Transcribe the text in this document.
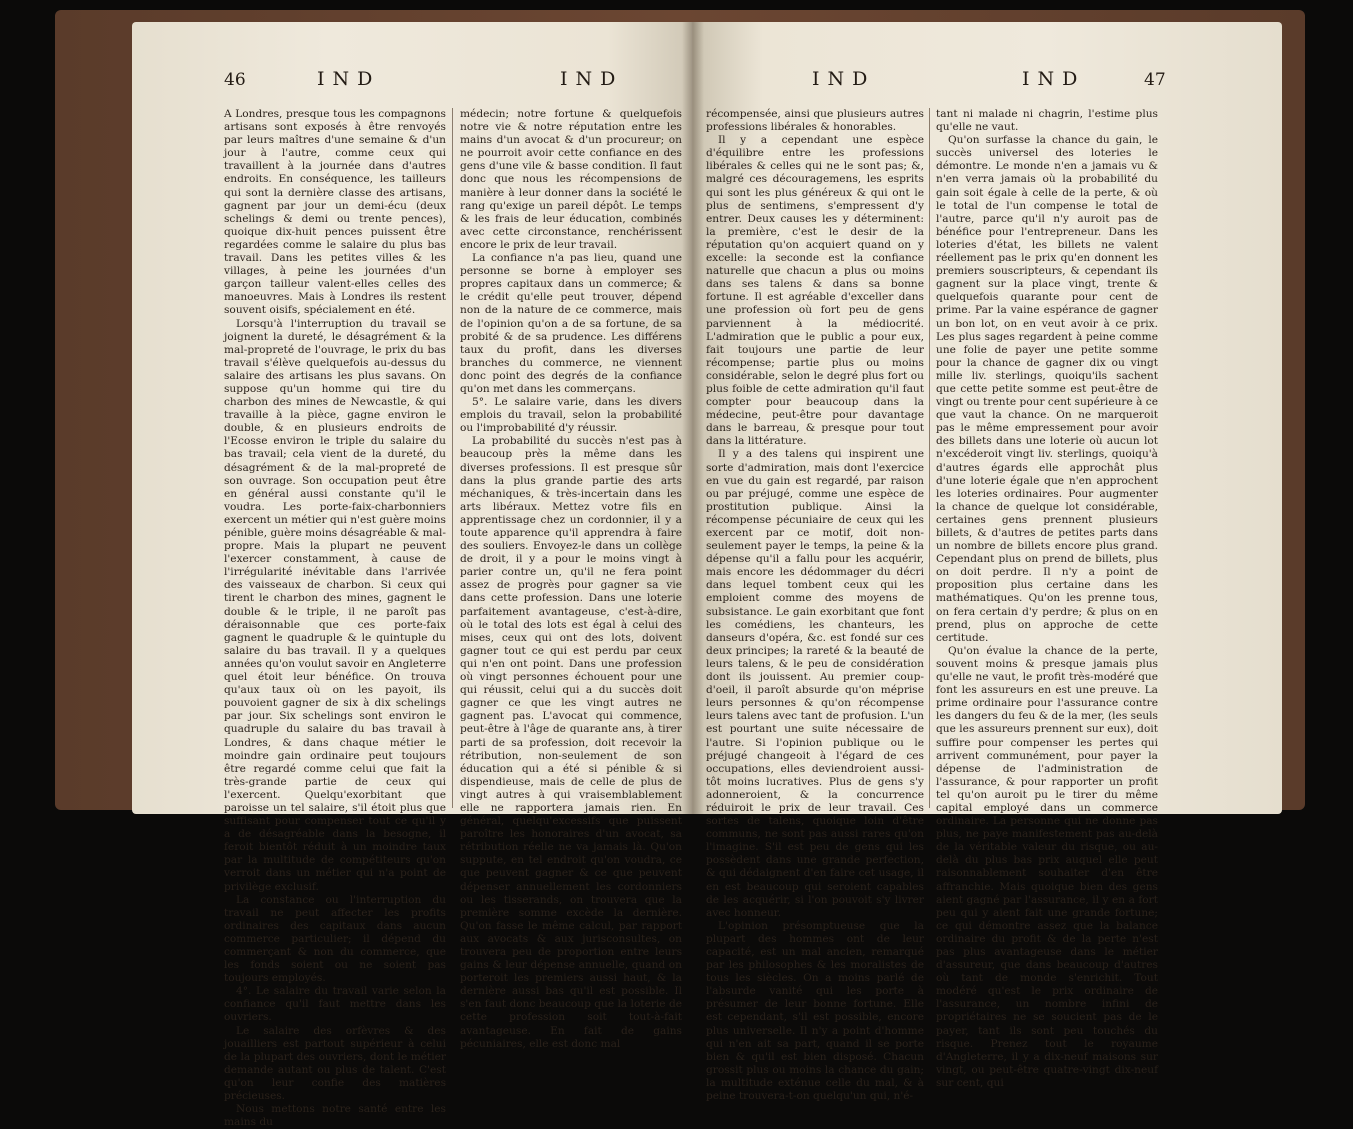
46	IND	IND

A Londres, presque tous les compagnons artisans sont exposés à être renvoyés par leurs maîtres d'une semaine & d'un jour à l'autre, comme ceux qui travaillent à la journée dans d'autres endroits. En conséquence, les tailleurs qui sont la dernière classe des artisans, gagnent par jour un demi-écu (deux schelings & demi ou trente pences), quoique dix-huit pences puissent être regardées comme le salaire du plus bas travail. Dans les petites villes & les villages, à peine les journées d'un garçon tailleur valent-elles celles des manoeuvres. Mais à Londres ils restent souvent oisifs, spécialement en été.

Lorsqu'à l'interruption du travail se joignent la dureté, le désagrément & la mal-propreté de l'ouvrage, le prix du bas travail s'élève quelquefois au-dessus du salaire des artisans les plus savans. On suppose qu'un homme qui tire du charbon des mines de Newcastle, & qui travaille à la pièce, gagne environ le double, & en plusieurs endroits de l'Ecosse environ le triple du salaire du bas travail; cela vient de la dureté, du désagrément & de la mal-propreté de son ouvrage. Son occupation peut être en général aussi constante qu'il le voudra. Les porte-faix-charbonniers exercent un métier qui n'est guère moins pénible, guère moins désagréable & mal-propre. Mais la plupart ne peuvent l'exercer constamment, à cause de l'irrégularité inévitable dans l'arrivée des vaisseaux de charbon. Si ceux qui tirent le charbon des mines, gagnent le double & le triple, il ne paroît pas déraisonnable que ces porte-faix gagnent le quadruple & le quintuple du salaire du bas travail. Il y a quelques années qu'on voulut savoir en Angleterre quel étoit leur bénéfice. On trouva qu'aux taux où on les payoit, ils pouvoient gagner de six à dix schelings par jour. Six schelings sont environ le quadruple du salaire du bas travail à Londres, & dans chaque métier le moindre gain ordinaire peut toujours être regardé comme celui que fait la très-grande partie de ceux qui l'exercent. Quelqu'exorbitant que paroisse un tel salaire, s'il étoit plus que suffisant pour compenser tout ce qu'il y a de désagréable dans la besogne, il feroit bientôt réduit à un moindre taux par la multitude de compétiteurs qu'on verroit dans un métier qui n'a point de privilège exclusif.

La constance ou l'interruption du travail ne peut affecter les profits ordinaires des capitaux dans aucun commerce particulier; il dépend du commerçant & non du commerce, que les fonds soient ou ne soient pas toujours employés.

4°. Le salaire du travail varie selon la confiance qu'il faut mettre dans les ouvriers.

Le salaire des orfèvres & des jouailliers est partout supérieur à celui de la plupart des ouvriers, dont le métier demande autant ou plus de talent. C'est qu'on leur confie des matières précieuses.

Nous mettons notre santé entre les mains du

médecin; notre fortune & quelquefois notre vie & notre réputation entre les mains d'un avocat & d'un procureur; on ne pourroit avoir cette confiance en des gens d'une vile & basse condition. Il faut donc que nous les récompensions de manière à leur donner dans la société le rang qu'exige un pareil dépôt. Le temps & les frais de leur éducation, combinés avec cette circonstance, renchérissent encore le prix de leur travail.

La confiance n'a pas lieu, quand une personne se borne à employer ses propres capitaux dans un commerce; & le crédit qu'elle peut trouver, dépend non de la nature de ce commerce, mais de l'opinion qu'on a de sa fortune, de sa probité & de sa prudence. Les différens taux du profit, dans les diverses branches du commerce, ne viennent donc point des degrés de la confiance qu'on met dans les commerçans.

5°. Le salaire varie, dans les divers emplois du travail, selon la probabilité ou l'improbabilité d'y réussir.

La probabilité du succès n'est pas à beaucoup près la même dans les diverses professions. Il est presque sûr dans la plus grande partie des arts méchaniques, & très-incertain dans les arts libéraux. Mettez votre fils en apprentissage chez un cordonnier, il y a toute apparence qu'il apprendra à faire des souliers. Envoyez-le dans un collège de droit, il y a pour le moins vingt à parier contre un, qu'il ne fera point assez de progrès pour gagner sa vie dans cette profession. Dans une loterie parfaitement avantageuse, c'est-à-dire, où le total des lots est égal à celui des mises, ceux qui ont des lots, doivent gagner tout ce qui est perdu par ceux qui n'en ont point. Dans une profession où vingt personnes échouent pour une qui réussit, celui qui a du succès doit gagner ce que les vingt autres ne gagnent pas. L'avocat qui commence, peut-être à l'âge de quarante ans, à tirer parti de sa profession, doit recevoir la rétribution, non-seulement de son éducation qui a été si pénible & si dispendieuse, mais de celle de plus de vingt autres à qui vraisemblablement elle ne rapportera jamais rien. En général, quelqu'excessifs que puissent paroître les honoraires d'un avocat, sa rétribution réelle ne va jamais là. Qu'on suppute, en tel endroit qu'on voudra, ce que peuvent gagner & ce que peuvent dépenser annuellement les cordonniers ou les tisserands, on trouvera que la première somme excède la dernière. Qu'on fasse le même calcul, par rapport aux avocats & aux jurisconsultes, on trouvera peu de proportion entre leurs gains & leur dépense annuelle, quand on porteroit les premiers aussi haut, & la dernière aussi bas qu'il est possible. Il s'en faut donc beaucoup que la loterie de cette profession soit tout-à-fait avantageuse. En fait de gains pécuniaires, elle est donc mal

IND	IND	47

récompensée, ainsi que plusieurs autres professions libérales & honorables.

Il y a cependant une espèce d'équilibre entre les professions libérales & celles qui ne le sont pas; &, malgré ces découragemens, les esprits qui sont les plus généreux & qui ont le plus de sentimens, s'empressent d'y entrer. Deux causes les y déterminent: la première, c'est le desir de la réputation qu'on acquiert quand on y excelle: la seconde est la confiance naturelle que chacun a plus ou moins dans ses talens & dans sa bonne fortune. Il est agréable d'exceller dans une profession où fort peu de gens parviennent à la médiocrité. L'admiration que le public a pour eux, fait toujours une partie de leur récompense; partie plus ou moins considérable, selon le degré plus fort ou plus foible de cette admiration qu'il faut compter pour beaucoup dans la médecine, peut-être pour davantage dans le barreau, & presque pour tout dans la littérature.

Il y a des talens qui inspirent une sorte d'admiration, mais dont l'exercice en vue du gain est regardé, par raison ou par préjugé, comme une espèce de prostitution publique. Ainsi la récompense pécuniaire de ceux qui les exercent par ce motif, doit non-seulement payer le temps, la peine & la dépense qu'il a fallu pour les acquérir, mais encore les dédommager du décri dans lequel tombent ceux qui les emploient comme des moyens de subsistance. Le gain exorbitant que font les comédiens, les chanteurs, les danseurs d'opéra, &c. est fondé sur ces deux principes; la rareté & la beauté de leurs talens, & le peu de considération dont ils jouissent. Au premier coup-d'oeil, il paroît absurde qu'on méprise leurs personnes & qu'on récompense leurs talens avec tant de profusion. L'un est pourtant une suite nécessaire de l'autre. Si l'opinion publique ou le préjugé changeoit à l'égard de ces occupations, elles deviendroient aussi-tôt moins lucratives. Plus de gens s'y adonneroient, & la concurrence réduiroit le prix de leur travail. Ces sortes de talens, quoique loin d'être communs, ne sont pas aussi rares qu'on l'imagine. S'il est peu de gens qui les possèdent dans une grande perfection, & qui dédaignent d'en faire cet usage, il en est beaucoup qui seroient capables de les acquérir, si l'on pouvoit s'y livrer avec honneur.

L'opinion présomptueuse que la plupart des hommes ont de leur capacité, est un mal ancien, remarqué par les philosophes & les moralistes de tous les siècles. On a moins parlé de l'absurde vanité qui les porte à présumer de leur bonne fortune. Elle est cependant, s'il est possible, encore plus universelle. Il n'y a point d'homme qui n'en ait sa part, quand il se porte bien & qu'il est bien disposé. Chacun grossit plus ou moins la chance du gain; la multitude exténue celle du mal, & à peine trouvera-t-on quelqu'un qui, n'é-

tant ni malade ni chagrin, l'estime plus qu'elle ne vaut.

Qu'on surfasse la chance du gain, le succès universel des loteries le démontre. Le monde n'en a jamais vu & n'en verra jamais où la probabilité du gain soit égale à celle de la perte, & où le total de l'un compense le total de l'autre, parce qu'il n'y auroit pas de bénéfice pour l'entrepreneur. Dans les loteries d'état, les billets ne valent réellement pas le prix qu'en donnent les premiers souscripteurs, & cependant ils gagnent sur la place vingt, trente & quelquefois quarante pour cent de prime. Par la vaine espérance de gagner un bon lot, on en veut avoir à ce prix. Les plus sages regardent à peine comme une folie de payer une petite somme pour la chance de gagner dix ou vingt mille liv. sterlings, quoiqu'ils sachent que cette petite somme est peut-être de vingt ou trente pour cent supérieure à ce que vaut la chance. On ne marqueroit pas le même empressement pour avoir des billets dans une loterie où aucun lot n'excéderoit vingt liv. sterlings, quoiqu'à d'autres égards elle approchât plus d'une loterie égale que n'en approchent les loteries ordinaires. Pour augmenter la chance de quelque lot considérable, certaines gens prennent plusieurs billets, & d'autres de petites parts dans un nombre de billets encore plus grand. Cependant plus on prend de billets, plus on doit perdre. Il n'y a point de proposition plus certaine dans les mathématiques. Qu'on les prenne tous, on fera certain d'y perdre; & plus on en prend, plus on approche de cette certitude.

Qu'on évalue la chance de la perte, souvent moins & presque jamais plus qu'elle ne vaut, le profit très-modéré que font les assureurs en est une preuve. La prime ordinaire pour l'assurance contre les dangers du feu & de la mer, (les seuls que les assureurs prennent sur eux), doit suffire pour compenser les pertes qui arrivent communément, pour payer la dépense de l'administration de l'assurance, & pour rapporter un profit tel qu'on auroit pu le tirer du même capital employé dans un commerce ordinaire. La personne qui ne donne pas plus, ne paye manifestement pas au-delà de la véritable valeur du risque, ou au-delà du plus bas prix auquel elle peut raisonnablement souhaiter d'en être affranchie. Mais quoique bien des gens aient gagné par l'assurance, il y en a fort peu qui y aient fait une grande fortune; ce qui démontre assez que la balance ordinaire du profit & de la perte n'est pas plus avantageuse dans le métier d'assureur, que dans beaucoup d'autres où tant de monde s'enrichit. Tout modéré qu'est le prix ordinaire de l'assurance, un nombre infini de propriétaires ne se soucient pas de le payer, tant ils sont peu touchés du risque. Prenez tout le royaume d'Angleterre, il y a dix-neuf maisons sur vingt, ou peut-être quatre-vingt dix-neuf sur cent, qui
